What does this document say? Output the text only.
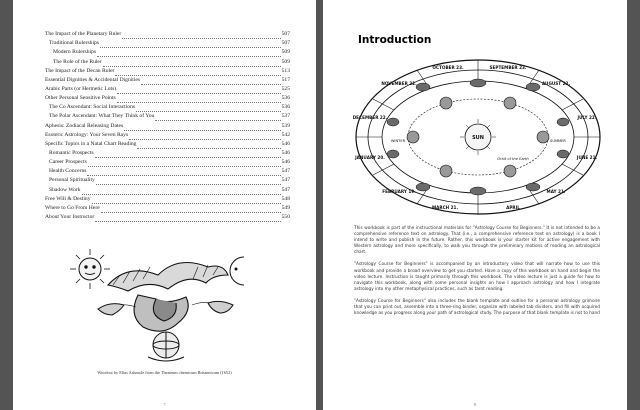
The Impact of the Planetary Ruler	507
Traditional Rulerships	507
Modern Rulerships	509
The Role of the Ruler	509
The Impact of the Decan Ruler	513
Essential Dignities & Accidental Dignities	517
Arabic Parts (or Hermetic Lots)	525
Other Personal Sensitive Points	536
The Co Ascendant: Social Interactions	536
The Polar Ascendant: What They Think of You	537
Aphesis: Zodiacal Releasing Dates	539
Esoteric Astrology: Your Seven Rays	542
Specific Topics in a Natal Chart Reading	546
Romantic Prospects	546
Career Prospects	546
Health Concerns	547
Personal Spirituality	547
Shadow Work	547
Free Will & Destiny	548
Where to Go From Here	549
About Your Instructor	550
Woodcut by Elias Ashmole from the Theatrum chemicum Britannicum (1652)
7
Introduction
OCTOBER 23.	SEPTEMBER 23.
AUGUST 22.
JULY 22.
JUNE 21.
MAY 21.
APRIL
MARCH 21.
FEBRUARY 19.
JANUARY 20.
DECEMBER 22.
NOVEMBER 22.
SUN	SUMMER
WINTER
Orbit of the Earth

This workbook is part of the instructional materials for "Astrology Course for Beginners." It is not intended to be a comprehensive reference text on astrology. That (i.e., a comprehensive reference text on astrology) is a book I intend to write and publish in the future. Rather, this workbook is your starter kit for active engagement with Western astrology and more specifically, to walk you through the preliminary motions of reading an astrological chart.

"Astrology Course for Beginners" is accompanied by an introductory video that will narrate how to use this workbook and provide a broad overview to get you started. Have a copy of this workbook on hand and begin the video lecture. Instruction is taught primarily through this workbook. The video lecture is just a guide for how to navigate this workbook, along with some personal insights on how I approach astrology and how I integrate astrology into my other metaphysical practices, such as tarot reading.

"Astrology Course for Beginners" also includes the blank template and outline for a personal astrology grimoire that you can print out, assemble into a three-ring binder, organize with labeled tab dividers, and fill with acquired knowledge as you progress along your path of astrological study. The purpose of that blank template is not to hand

8
